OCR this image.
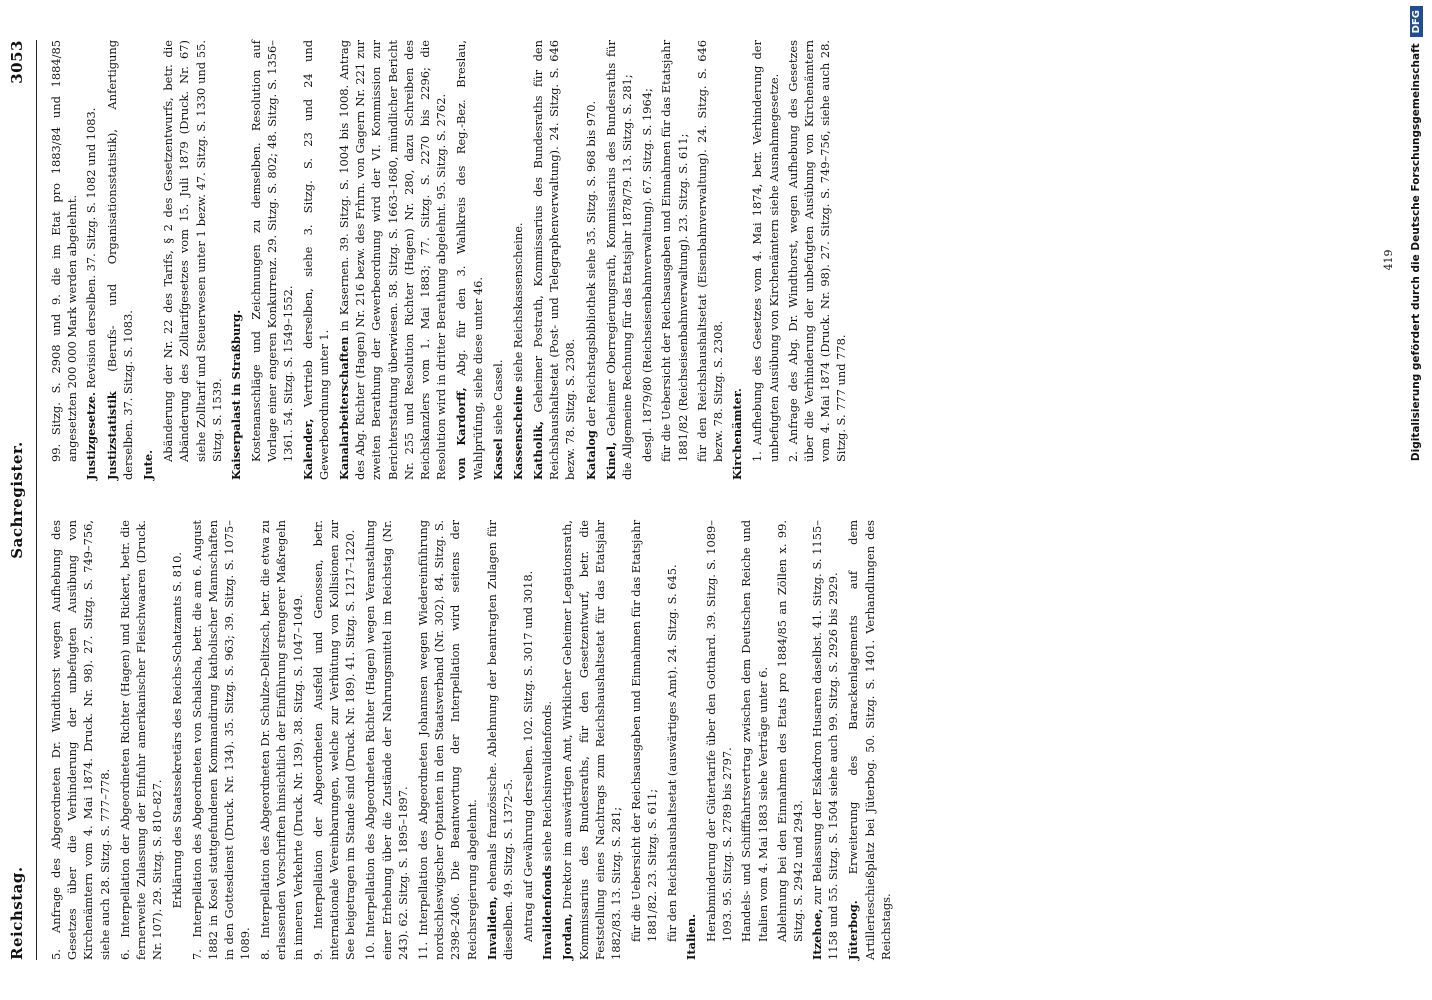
Reichstag.
Sachregister.
3053
5. Anfrage des Abgeordneten Dr. Windthorst wegen Aufhebung des Gesetzes über die Verhinderung der unbefugten Ausübung von Kirchenämtern vom 4. Mai 1874. Druck. Nr. 98). 27. Sitzg. S. 749–756, siehe auch 28. Sitzg. S. 777–778. 6. Interpellation der Abgeordneten Richter (Hagen) und Rickert, betr. die fernerweite Zulassung der Einfuhr amerikanischer Fleischwaaren (Druck. Nr. 107). 29. Sitzg. S. 810–827. Erklärung des Staatssekretärs des Reichs-Schatzamts S. 810.
7. Interpellation des Abgeordneten von Schalscha, betr. die am 6. August 1882 in Kosel stattgefundenen Kommandirung katholischer Mannschaften in den Gottesdienst (Druck. Nr. 134). 35. Sitzg. S. 963; 39. Sitzg. S. 1075–1089. 8. Interpellation des Abgeordneten Dr. Schulze-Delitzsch, betr. die etwa zu erlassenden Vorschriften hinsichtlich der Einführung strengerer Maßregeln in inneren Verkehrte (Druck. Nr. 139). 38. Sitzg. S. 1047–1049. 9. Interpellation der Abgeordneten Ausfeld und Genossen, betr. internationale Vereinbarungen, welche zur Verhütung von Kollisionen zur See beigetragen im Stande sind (Druck. Nr. 189). 41. Sitzg. S. 1217–1220. 10. Interpellation des Abgeordneten Richter (Hagen) wegen Veranstaltung einer Erhebung über die Zustände der Nahrungsmittel im Reichstag (Nr. 243). 62. Sitzg. S. 1895–1897. 11. Interpellation des Abgeordneten Johannsen wegen Wiedereinführung nordschleswigscher Optanten in den Staatsverband (Nr. 302). 84. Sitzg. S. 2398–2406. Die Beantwortung der Interpellation wird seitens der Reichsregierung abgelehnt. Invaliden, ehemals französische. Ablehnung der beantragten Zulagen für dieselben. 49. Sitzg. S. 1372–5. Antrag auf Gewährung derselben. 102. Sitzg. S. 3017 und 3018. Invalidenfonds siehe Reichsinvalidenfonds.
Jordan, Direktor im auswärtigen Amt, Wirklicher Geheimer Legationsrath, Kommissarius des Bundesraths, für den Gesetzentwurf, betr. die Feststellung eines Nachtrags zum Reichshaushaltsetat für das Etatsjahr 1882/83. 13. Sitzg. S. 281; für die Uebersicht der Reichsausgaben und Einnahmen für das Etatsjahr 1881/82. 23. Sitzg. S. 611; für den Reichshaushaltsetat (auswärtiges Amt). 24. Sitzg. S. 645. Italien. Herabminderung der Gütertarife über den Gotthard. 39. Sitzg. S. 1089–1093. 95. Sitzg. S. 2789 bis 2797. Handels- und Schifffahrtsvertrag zwischen dem Deutschen Reiche und Italien vom 4. Mai 1883 siehe Verträge unter 6. Ablehnung bei den Einnahmen des Etats pro 1884/85 an Zöllen x. 99. Sitzg. S. 2942 und 2943. Itzehoe, zur Belassung der Eskadron Husaren daselbst. 41. Sitzg. S. 1155–1158 und 55. Sitzg. S. 1504 siehe auch 99. Sitzg. S. 2926 bis 2929. Jüterbog. Erweiterung des Barackenlagements auf dem Artillerieschießplatz bei Jüterbog. 50. Sitzg. S. 1401. Verhandlungen des Reichstags.
99. Sitzg. S. 2908 und 9. die im Etat pro 1883/84 und 1884/85 angesetzten 200 000 Mark werden abgelehnt. Justizgesetze. Revision derselben. 37. Sitzg. S. 1082 und 1083.
Justizstatistik (Berufs- und Organisationsstatistik), Anfertigung derselben. 37. Sitzg. S. 1083. Jute.
Abänderung der Nr. 22 des Tarifs, § 2 des Gesetzentwurfs, betr. die Abänderung des Zolltarifgesetzes vom 15. Juli 1879 (Druck. Nr. 67) siehe Zolltarif und Steuerwesen unter 1 bezw. 47. Sitzg. S. 1330 und 55. Sitzg. S. 1539. Kaiserpalast in Straßburg. Kostenanschläge und Zeichnungen zu demselben. Resolution auf Vorlage einer engeren Konkurrenz. 29. Sitzg. S. 802; 48. Sitzg. S. 1356–1361. 54. Sitzg. S. 1549–1552. Kalender, Vertrieb derselben, siehe 3. Sitzg. S. 23 und 24 und Gewerbeordnung unter 1. Kanalarbeiterschaften in Kasernen. 39. Sitzg. S. 1004 bis 1008. Antrag des Abg. Richter (Hagen) Nr. 216 bezw. des Frhrn. von Gagern Nr. 221 zur zweiten Berathung der Gewerbeordnung wird der VI. Kommission zur Berichterstattung überwiesen. 58. Sitzg. S. 1663–1680, mündlicher Bericht Nr. 255 und Resolution Richter (Hagen) Nr. 280, dazu Schreiben des Reichskanzlers vom 1. Mai 1883; 77. Sitzg. S. 2270 bis 2296; die Resolution wird in dritter Berathung abgelehnt. 95. Sitzg. S. 2762. von Kardorff, Abg. für den 3. Wahlkreis des Reg.-Bez. Breslau, Wahlprüfung, siehe diese unter 46. Kassel siehe Cassel. Kassenscheine siehe Reichskassenscheine.
Katholik, Geheimer Postrath, Kommissarius des Bundesraths für den Reichshaushaltsetat (Post- und Telegraphenverwaltung). 24. Sitzg. S. 646 bezw. 78. Sitzg. S. 2308. Katalog der Reichstagsbibliothek siehe 35. Sitzg. S. 968 bis 970.
Kinel, Geheimer Oberregierungsrath, Kommissarius des Bundesraths für die Allgemeine Rechnung für das Etatsjahr 1878/79. 13. Sitzg. S. 281; desgl. 1879/80 (Reichseisenbahnverwaltung). 67. Sitzg. S. 1964; für die Uebersicht der Reichsausgaben und Einnahmen für das Etatsjahr 1881/82 (Reichseisenbahnverwaltung). 23. Sitzg. S. 611; für den Reichshaushaltsetat (Eisenbahnverwaltung). 24. Sitzg. S. 646 bezw. 78. Sitzg. S. 2308. Kirchenämter. 1. Aufhebung des Gesetzes vom 4. Mai 1874, betr. Verhinderung der unbefugten Ausübung von Kirchenämtern siehe Ausnahmegesetze. 2. Anfrage des Abg. Dr. Windthorst, wegen Aufhebung des Gesetzes über die Verhinderung der unbefugten Ausübung von Kirchenämtern vom 4. Mai 1874 (Druck. Nr. 98). 27. Sitzg. S. 749–756, siehe auch 28. Sitzg. S. 777 und 778.
419 Digitalisierung gefördert durch die Deutsche Forschungsgemeinschaft
DFG
